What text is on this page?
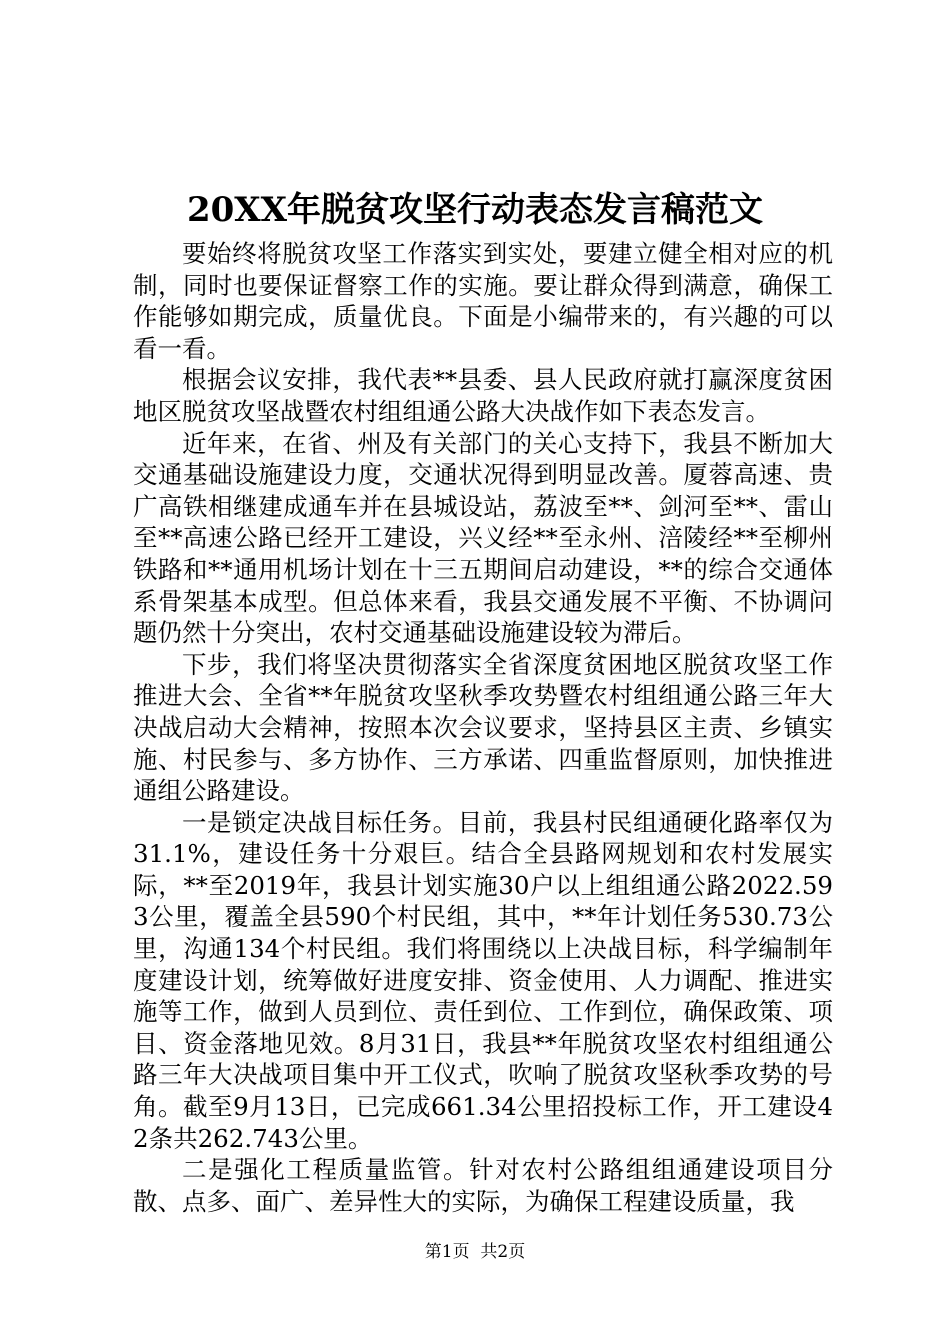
20XX年脱贫攻坚行动表态发言稿范文

要始终将脱贫攻坚工作落实到实处，要建立健全相对应的机制，同时也要保证督察工作的实施。要让群众得到满意，确保工作能够如期完成，质量优良。下面是小编带来的，有兴趣的可以看一看。

根据会议安排，我代表**县委、县人民政府就打赢深度贫困地区脱贫攻坚战暨农村组组通公路大决战作如下表态发言。

近年来，在省、州及有关部门的关心支持下，我县不断加大交通基础设施建设力度，交通状况得到明显改善。厦蓉高速、贵广高铁相继建成通车并在县城设站，荔波至**、剑河至**、雷山至**高速公路已经开工建设，兴义经**至永州、涪陵经**至柳州铁路和**通用机场计划在十三五期间启动建设，**的综合交通体系骨架基本成型。但总体来看，我县交通发展不平衡、不协调问题仍然十分突出，农村交通基础设施建设较为滞后。

下步，我们将坚决贯彻落实全省深度贫困地区脱贫攻坚工作推进大会、全省**年脱贫攻坚秋季攻势暨农村组组通公路三年大决战启动大会精神，按照本次会议要求，坚持县区主责、乡镇实施、村民参与、多方协作、三方承诺、四重监督原则，加快推进通组公路建设。

一是锁定决战目标任务。目前，我县村民组通硬化路率仅为31.1%，建设任务十分艰巨。结合全县路网规划和农村发展实际，**至2019年，我县计划实施30户以上组组通公路2022.593公里，覆盖全县590个村民组，其中，**年计划任务530.73公里，沟通134个村民组。我们将围绕以上决战目标，科学编制年度建设计划，统筹做好进度安排、资金使用、人力调配、推进实施等工作，做到人员到位、责任到位、工作到位，确保政策、项目、资金落地见效。8月31日，我县**年脱贫攻坚农村组组通公路三年大决战项目集中开工仪式，吹响了脱贫攻坚秋季攻势的号角。截至9月13日，已完成661.34公里招投标工作，开工建设42条共262.743公里。

二是强化工程质量监管。针对农村公路组组通建设项目分散、点多、面广、差异性大的实际，为确保工程建设质量，我

第1页 共2页
